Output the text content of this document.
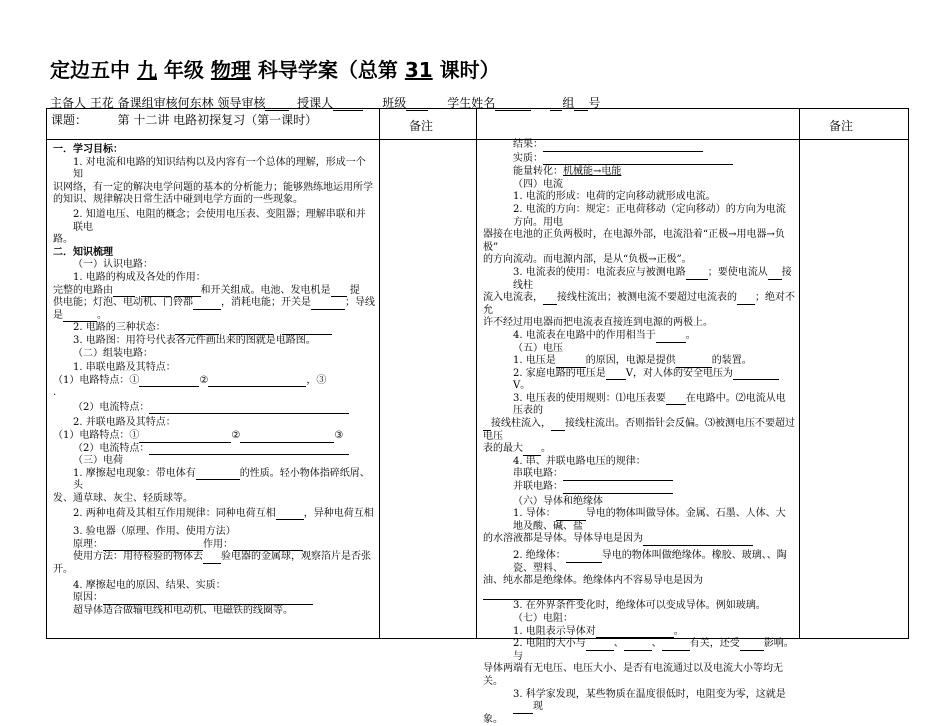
定边五中 九 年级 物理 科导学案（总第 31 课时）
主备人 王花 备课组审核何东林 领导审核	授课人	班级	学生姓名	组 号
课题：	第 十二讲 电路初探复习（第一课时）	备注	备注

一．学习目标：

1. 对电流和电路的知识结构以及内容有一个总体的理解，形成一个知

识网络，有一定的解决电学问题的基本的分析能力；能够熟练地运用所学

的知识、规律解决日常生活中碰到电学方面的一些现象。

2. 知道电压、电阻的概念；会使用电压表、变阻器；理解串联和并联电

路。

二．知识梳理

（一）认识电路：

1. 电路的构成及各处的作用：

完整的电路由	和开关组成。电池、发电机是 提

供电能；灯泡、电动机、门铃都	，消耗电能；开关是	；导线

是	。

2. 电路的三种状态：

3. 电路图：用符号代表各元件画出来的图就是电路图。

（二）组装电路：

1. 串联电路及其特点：

（1）电路特点：①	②	，③

.

（2）电流特点：

2. 并联电路及其特点：

（1）电路特点：①	②	③

（2）电流特点：

（三）电荷

1. 摩擦起电现象：带电体有	的性质。轻小物体指碎纸屑、头

发、通草球、灰尘、轻质球等。

2. 两种电荷及其相互作用规律：同种电荷互相	，异种电荷互相

3. 验电器（原理、作用、使用方法）

原理：	作用：

使用方法：用待检验的物体去 验电器的金属球，观察箔片是否张

开。

4. 摩擦起电的原因、结果、实质：

原因：

超导体适合做输电线和电动机、电磁铁的线圈等。

结果：

实质：

能量转化：机械能→电能

（四）电流

1. 电流的形成：电荷的定向移动就形成电流。

2. 电流的方向：规定：正电荷移动（定向移动）的方向为电流方向。用电

器接在电池的正负两极时，在电源外部，电流沿着“正极→用电器→负极”

的方向流动。而电源内部，是从“负极→正极”。

3. 电流表的使用：电流表应与被测电路 ；要使电流从 接线柱

流入电流表， 接线柱流出；被测电流不要超过电流表的 ；绝对不允

许不经过用电器而把电流表直接连到电源的两极上。

4. 电流表在电路中的作用相当于	。

（五）电压

1. 电压是	的原因，电源是提供	的装置。

2. 家庭电路的电压是 V，对人体的安全电压为V。

3. 电压表的使用规则：⑴电压表要 在电路中。⑵电流从电压表的

接线柱流入， 接线柱流出。否则指针会反偏。⑶被测电压不要超过电压

表的最大 。

4. 串、并联电路电压的规律：

串联电路：

并联电路：

（六）导体和绝缘体

1. 导体：	导电的物体叫做导体。金属、石墨、人体、大地及酸、碱、盐

的水溶液都是导体。导体导电是因为

2. 绝缘体：	导电的物体叫做绝缘体。橡胶、玻璃、、陶瓷、塑料、

油、纯水都是绝缘体。绝缘体内不容易导电是因为

3. 在外界条件变化时，绝缘体可以变成导体。例如玻璃。

（七）电阻：

1. 电阻表示导体对	。

2. 电阻的大小与	、	、	有关，还受 影响。与

导体两端有无电压、电压大小、是否有电流通过以及电流大小等均无关。

3. 科学家发现，某些物质在温度很低时，电阻变为零，这就是现

象。
